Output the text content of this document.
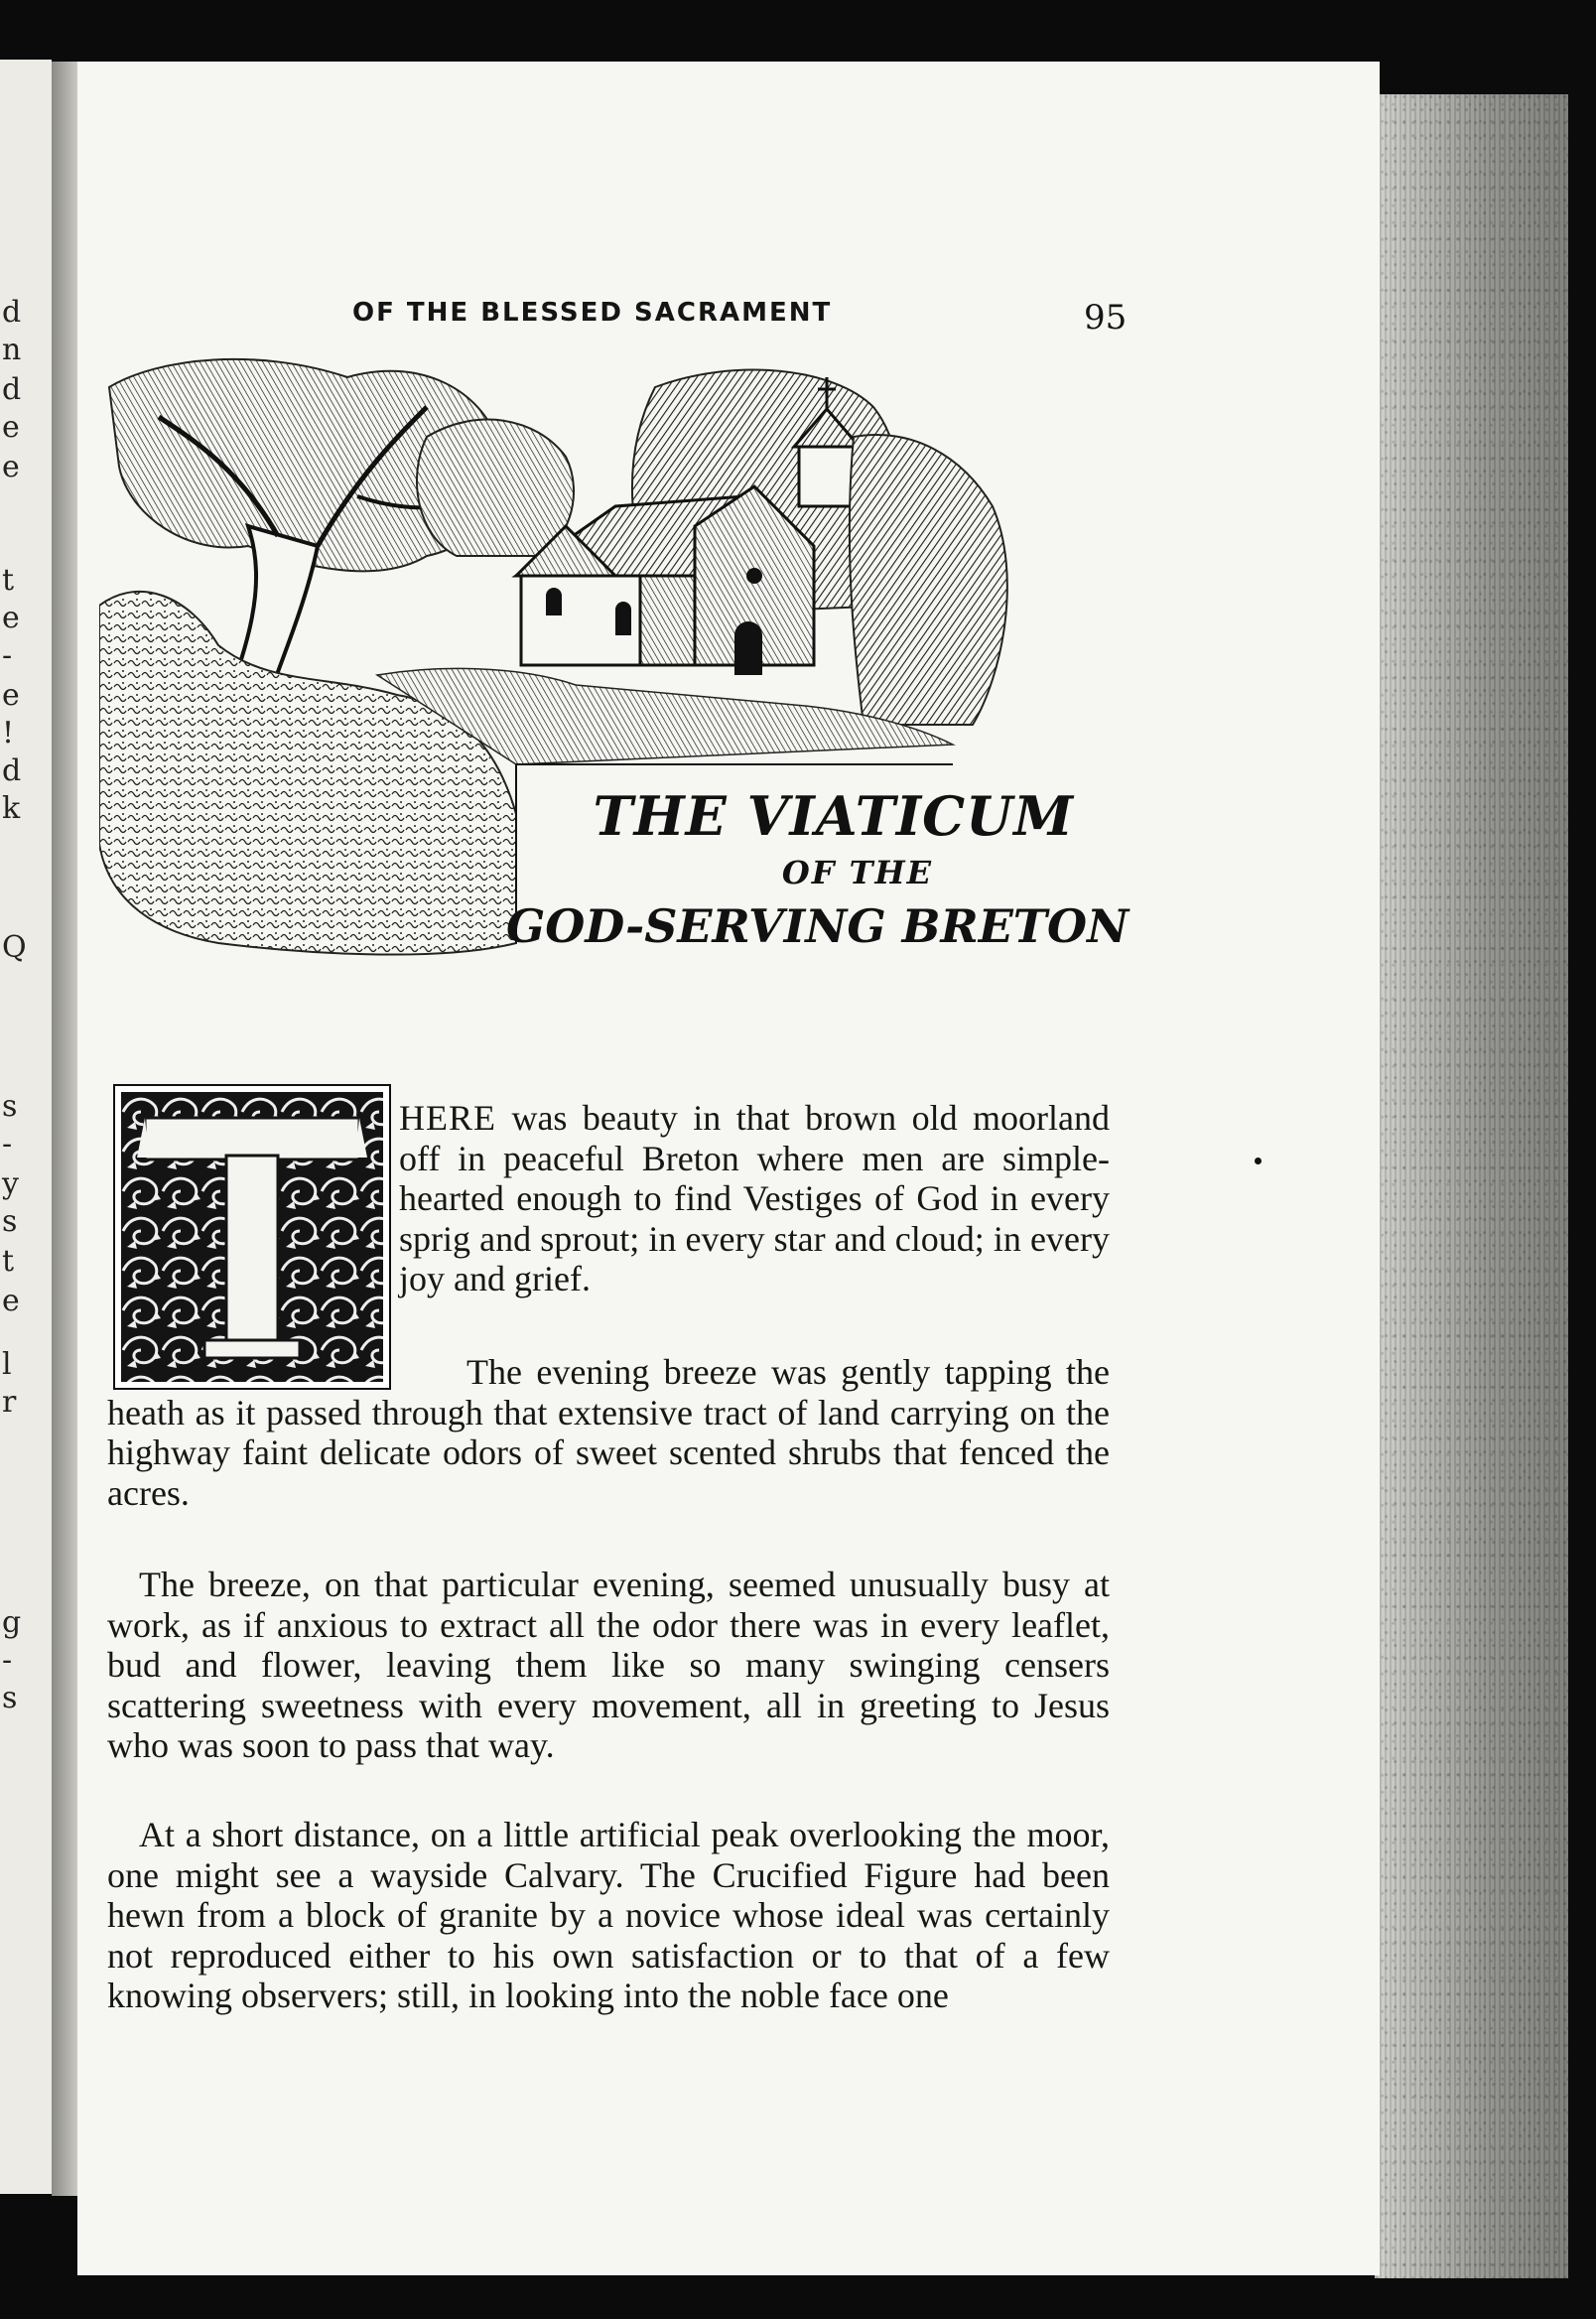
d
n
d
e
e
t
e
-
e
!
d
k
Q
s
-
y
s
t
e
l
r
g
-
s
OF THE BLESSED SACRAMENT	95
THE VIATICUM
OF THE
GOD-SERVING BRETON
HERE was beauty in that brown old moorland off in peaceful Breton where men are simple-hearted enough to find Vestiges of God in every sprig and sprout; in every star and cloud; in every joy and grief.
The evening breeze was gently tapping the heath as it passed through that extensive tract of land carrying on the highway faint delicate odors of sweet scented shrubs that fenced the acres.
The breeze, on that particular evening, seemed unusually busy at work, as if anxious to extract all the odor there was in every leaflet, bud and flower, leaving them like so many swinging censers scattering sweetness with every movement, all in greeting to Jesus who was soon to pass that way.
At a short distance, on a little artificial peak overlooking the moor, one might see a wayside Calvary. The Crucified Figure had been hewn from a block of granite by a novice whose ideal was certainly not reproduced either to his own satisfaction or to that of a few knowing observers; still, in looking into the noble face one
